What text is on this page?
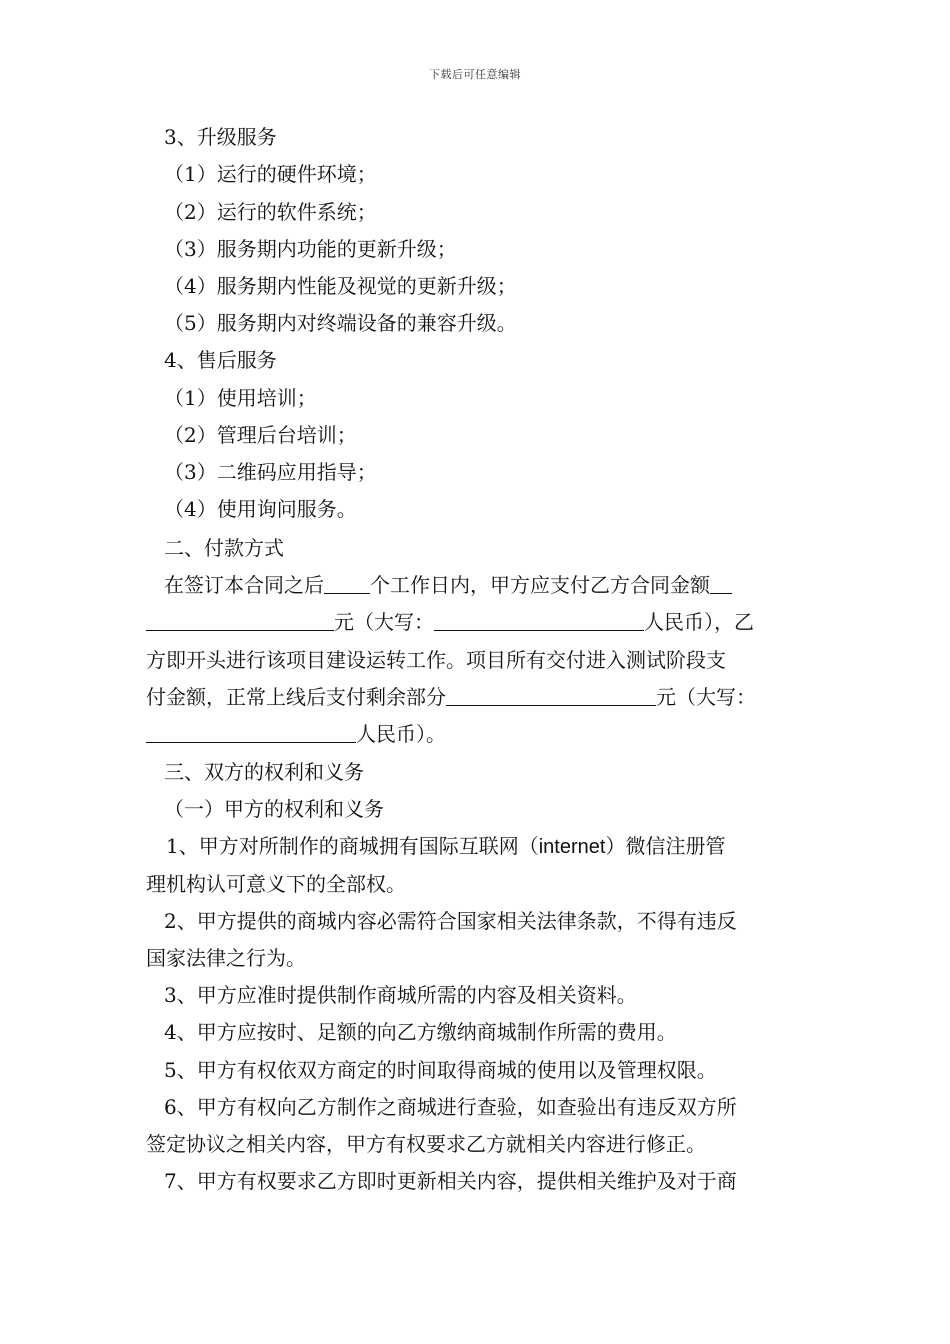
下载后可任意编辑
3、升级服务
（1）运行的硬件环境；
（2）运行的软件系统；
（3）服务期内功能的更新升级；
（4）服务期内性能及视觉的更新升级；
（5）服务期内对终端设备的兼容升级。
4、售后服务
（1）使用培训；
（2）管理后台培训；
（3）二维码应用指导；
（4）使用询问服务。
二、付款方式
在签订本合同之后 个工作日内，甲方应支付乙方合同金额
元（大写：	人民币），乙
方即开头进行该项目建设运转工作。项目所有交付进入测试阶段支
付金额，正常上线后支付剩余部分	元（大写：
人民币）。
三、双方的权利和义务
（一）甲方的权利和义务
1、甲方对所制作的商城拥有国际互联网（internet）微信注册管
理机构认可意义下的全部权。
2、甲方提供的商城内容必需符合国家相关法律条款，不得有违反
国家法律之行为。
3、甲方应准时提供制作商城所需的内容及相关资料。
4、甲方应按时、足额的向乙方缴纳商城制作所需的费用。
5、甲方有权依双方商定的时间取得商城的使用以及管理权限。
6、甲方有权向乙方制作之商城进行查验，如查验出有违反双方所
签定协议之相关内容，甲方有权要求乙方就相关内容进行修正。
7、甲方有权要求乙方即时更新相关内容，提供相关维护及对于商
